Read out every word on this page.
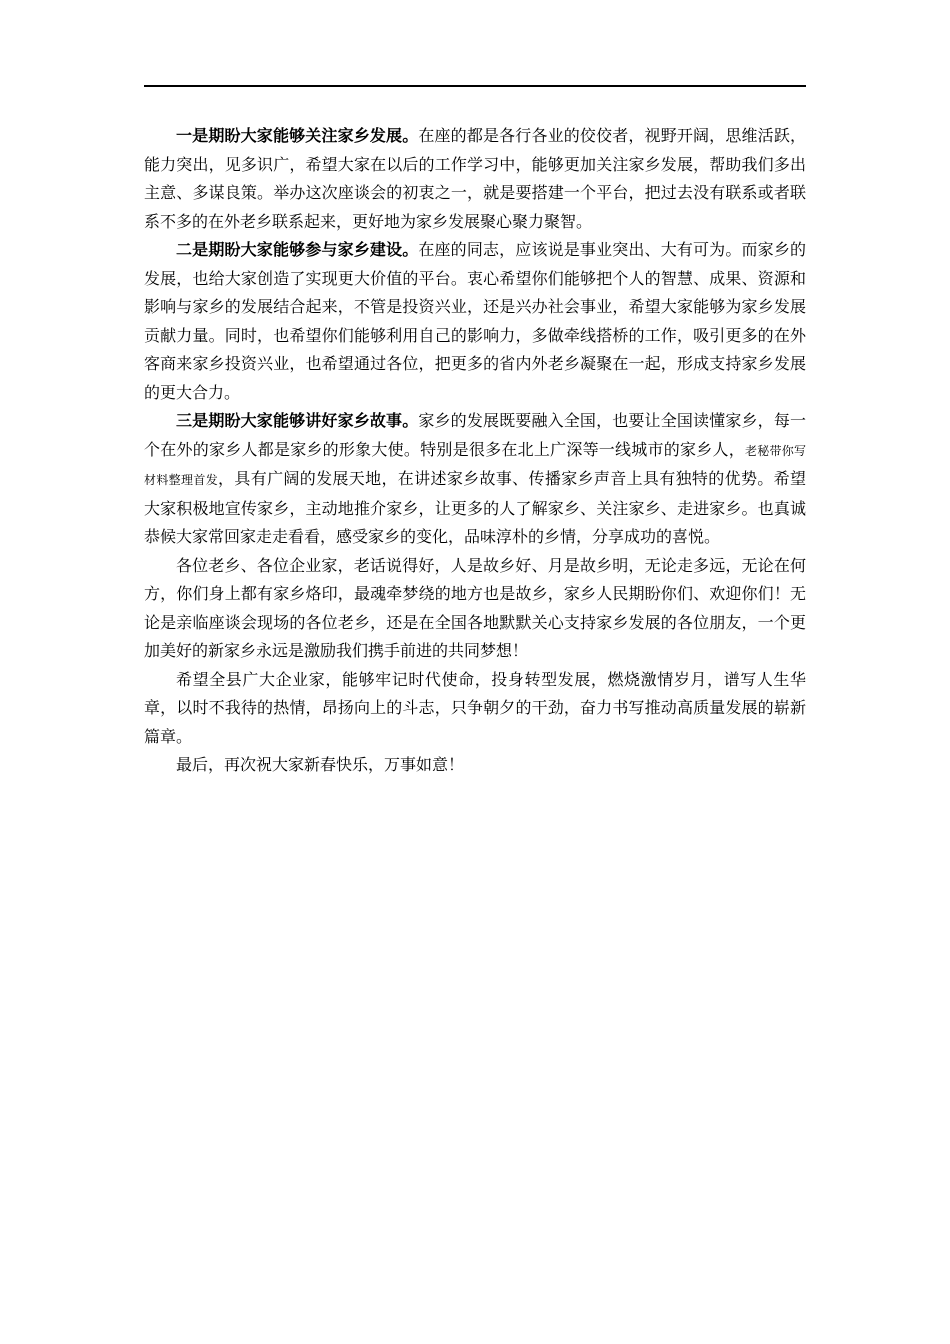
一是期盼大家能够关注家乡发展。在座的都是各行各业的佼佼者，视野开阔，思维活跃，能力突出，见多识广，希望大家在以后的工作学习中，能够更加关注家乡发展，帮助我们多出主意、多谋良策。举办这次座谈会的初衷之一，就是要搭建一个平台，把过去没有联系或者联系不多的在外老乡联系起来，更好地为家乡发展聚心聚力聚智。

二是期盼大家能够参与家乡建设。在座的同志，应该说是事业突出、大有可为。而家乡的发展，也给大家创造了实现更大价值的平台。衷心希望你们能够把个人的智慧、成果、资源和影响与家乡的发展结合起来，不管是投资兴业，还是兴办社会事业，希望大家能够为家乡发展贡献力量。同时，也希望你们能够利用自己的影响力，多做牵线搭桥的工作，吸引更多的在外客商来家乡投资兴业，也希望通过各位，把更多的省内外老乡凝聚在一起，形成支持家乡发展的更大合力。

三是期盼大家能够讲好家乡故事。家乡的发展既要融入全国，也要让全国读懂家乡，每一个在外的家乡人都是家乡的形象大使。特别是很多在北上广深等一线城市的家乡人，老秘带你写材料整理首发，具有广阔的发展天地，在讲述家乡故事、传播家乡声音上具有独特的优势。希望大家积极地宣传家乡，主动地推介家乡，让更多的人了解家乡、关注家乡、走进家乡。也真诚恭候大家常回家走走看看，感受家乡的变化，品味淳朴的乡情，分享成功的喜悦。

各位老乡、各位企业家，老话说得好，人是故乡好、月是故乡明，无论走多远，无论在何方，你们身上都有家乡烙印，最魂牵梦绕的地方也是故乡，家乡人民期盼你们、欢迎你们！无论是亲临座谈会现场的各位老乡，还是在全国各地默默关心支持家乡发展的各位朋友，一个更加美好的新家乡永远是激励我们携手前进的共同梦想！

希望全县广大企业家，能够牢记时代使命，投身转型发展，燃烧激情岁月，谱写人生华章，以时不我待的热情，昂扬向上的斗志，只争朝夕的干劲，奋力书写推动高质量发展的崭新篇章。

最后，再次祝大家新春快乐，万事如意！
